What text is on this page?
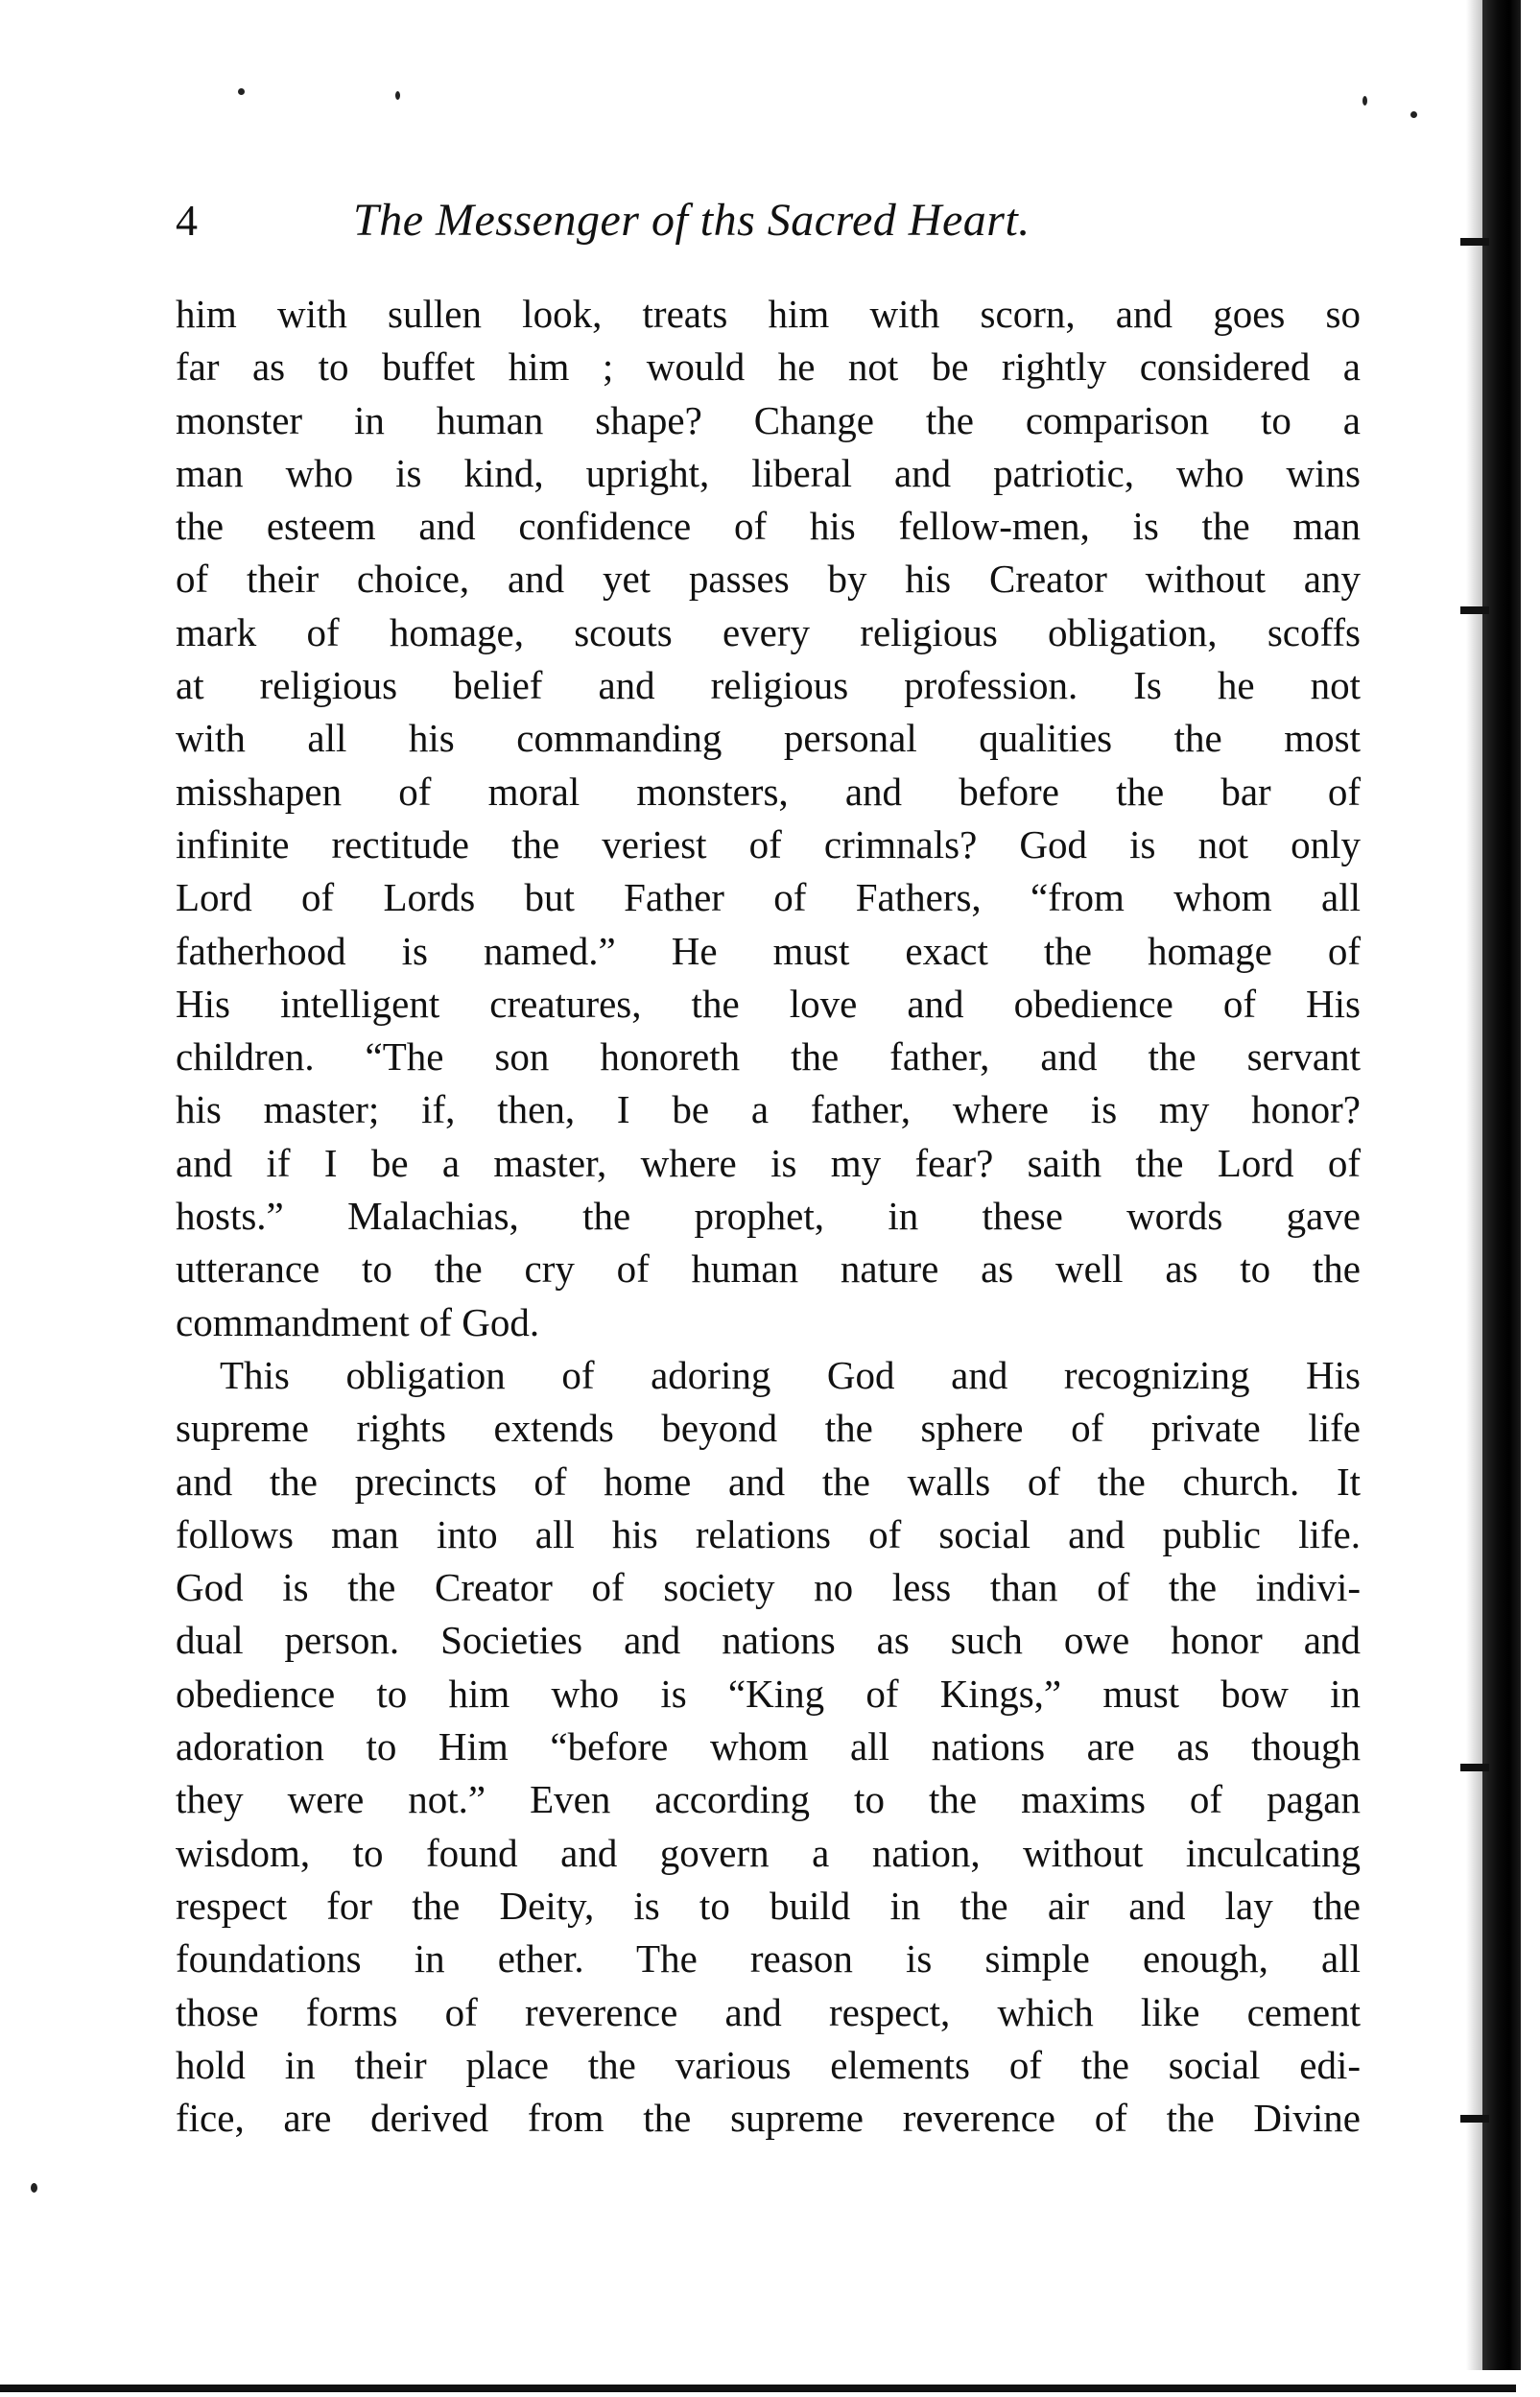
4	The Messenger of ths Sacred Heart.
him with sullen look, treats him with scorn, and goes so
far as to buffet him ; would he not be rightly considered a
monster in human shape? Change the comparison to a
man who is kind, upright, liberal and patriotic, who wins
the esteem and confidence of his fellow-men, is the man
of their choice, and yet passes by his Creator without any
mark of homage, scouts every religious obligation, scoffs
at religious belief and religious profession. Is he not
with all his commanding personal qualities the most
misshapen of moral monsters, and before the bar of
infinite rectitude the veriest of crimnals? God is not only
Lord of Lords but Father of Fathers, “from whom all
fatherhood is named.” He must exact the homage of
His intelligent creatures, the love and obedience of His
children. “The son honoreth the father, and the servant
his master; if, then, I be a father, where is my honor?
and if I be a master, where is my fear? saith the Lord of
hosts.” Malachias, the prophet, in these words gave
utterance to the cry of human nature as well as to the
commandment of God.
This obligation of adoring God and recognizing His
supreme rights extends beyond the sphere of private life
and the precincts of home and the walls of the church. It
follows man into all his relations of social and public life.
God is the Creator of society no less than of the indivi-
dual person. Societies and nations as such owe honor and
obedience to him who is “King of Kings,” must bow in
adoration to Him “before whom all nations are as though
they were not.” Even according to the maxims of pagan
wisdom, to found and govern a nation, without inculcating
respect for the Deity, is to build in the air and lay the
foundations in ether. The reason is simple enough, all
those forms of reverence and respect, which like cement
hold in their place the various elements of the social edi-
fice, are derived from the supreme reverence of the Divine
